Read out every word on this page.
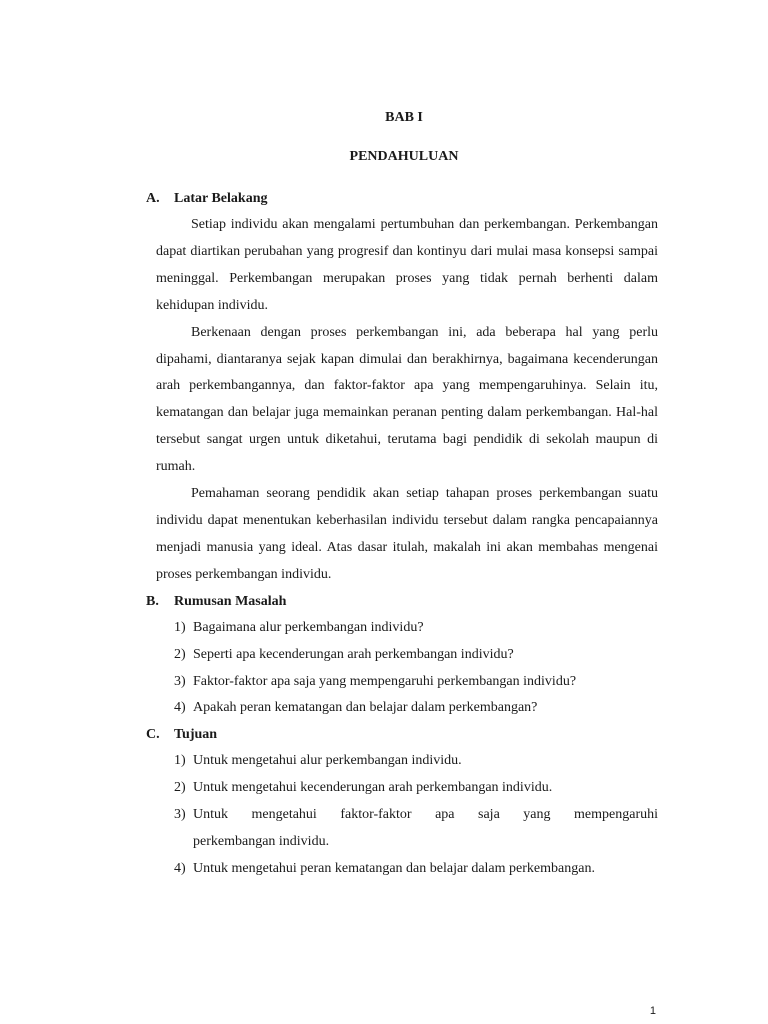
BAB I
PENDAHULUAN
A.	Latar Belakang
Setiap individu akan mengalami pertumbuhan dan perkembangan. Perkembangan dapat diartikan perubahan yang progresif dan kontinyu dari mulai masa konsepsi sampai meninggal. Perkembangan merupakan proses yang tidak pernah berhenti dalam kehidupan individu.
Berkenaan dengan proses perkembangan ini, ada beberapa hal yang perlu dipahami, diantaranya sejak kapan dimulai dan berakhirnya, bagaimana kecenderungan arah perkembangannya, dan faktor-faktor apa yang mempengaruhinya. Selain itu, kematangan dan belajar juga memainkan peranan penting dalam perkembangan. Hal-hal tersebut sangat urgen untuk diketahui, terutama bagi pendidik di sekolah maupun di rumah.
Pemahaman seorang pendidik akan setiap tahapan proses perkembangan suatu individu dapat menentukan keberhasilan individu tersebut dalam rangka pencapaiannya menjadi manusia yang ideal. Atas dasar itulah, makalah ini akan membahas mengenai proses perkembangan individu.
B.	Rumusan Masalah
1) Bagaimana alur perkembangan individu?
2) Seperti apa kecenderungan arah perkembangan individu?
3) Faktor-faktor apa saja yang mempengaruhi perkembangan individu?
4) Apakah peran kematangan dan belajar dalam perkembangan?
C.	Tujuan
1) Untuk mengetahui alur perkembangan individu.
2) Untuk mengetahui kecenderungan arah perkembangan individu.
3) Untuk mengetahui faktor-faktor apa saja yang mempengaruhi
perkembangan individu.
4) Untuk mengetahui peran kematangan dan belajar dalam perkembangan.
1
